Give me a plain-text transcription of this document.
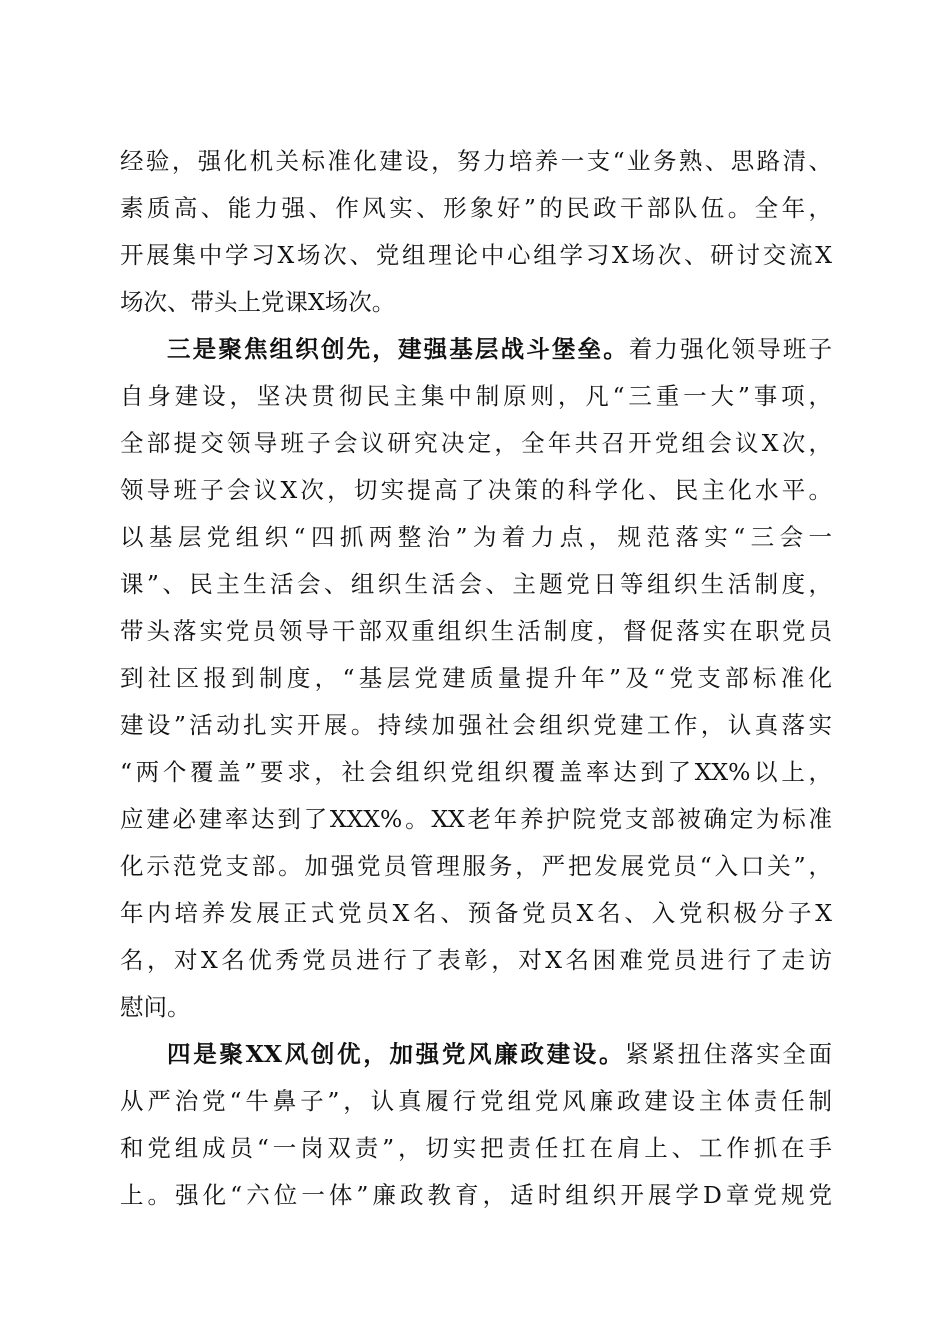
经验，强化机关标准化建设，努力培养一支“业务熟、思路清、
素质高、能力强、作风实、形象好”的民政干部队伍。全年，
开展集中学习X场次、党组理论中心组学习X场次、研讨交流X
场次、带头上党课X场次。
三是聚焦组织创先，建强基层战斗堡垒。着力强化领导班子
自身建设，坚决贯彻民主集中制原则，凡“三重一大”事项，
全部提交领导班子会议研究决定，全年共召开党组会议X次，
领导班子会议X次，切实提高了决策的科学化、民主化水平。
以基层党组织“四抓两整治”为着力点，规范落实“三会一
课”、民主生活会、组织生活会、主题党日等组织生活制度，
带头落实党员领导干部双重组织生活制度，督促落实在职党员
到社区报到制度，“基层党建质量提升年”及“党支部标准化
建设”活动扎实开展。持续加强社会组织党建工作，认真落实
“两个覆盖”要求，社会组织党组织覆盖率达到了XX%以上，
应建必建率达到了XXX%。XX老年养护院党支部被确定为标准
化示范党支部。加强党员管理服务，严把发展党员“入口关”，
年内培养发展正式党员X名、预备党员X名、入党积极分子X
名，对X名优秀党员进行了表彰，对X名困难党员进行了走访
慰问。
四是聚XX风创优，加强党风廉政建设。紧紧扭住落实全面
从严治党“牛鼻子”，认真履行党组党风廉政建设主体责任制
和党组成员“一岗双责”，切实把责任扛在肩上、工作抓在手
上。强化“六位一体”廉政教育，适时组织开展学D章党规党
